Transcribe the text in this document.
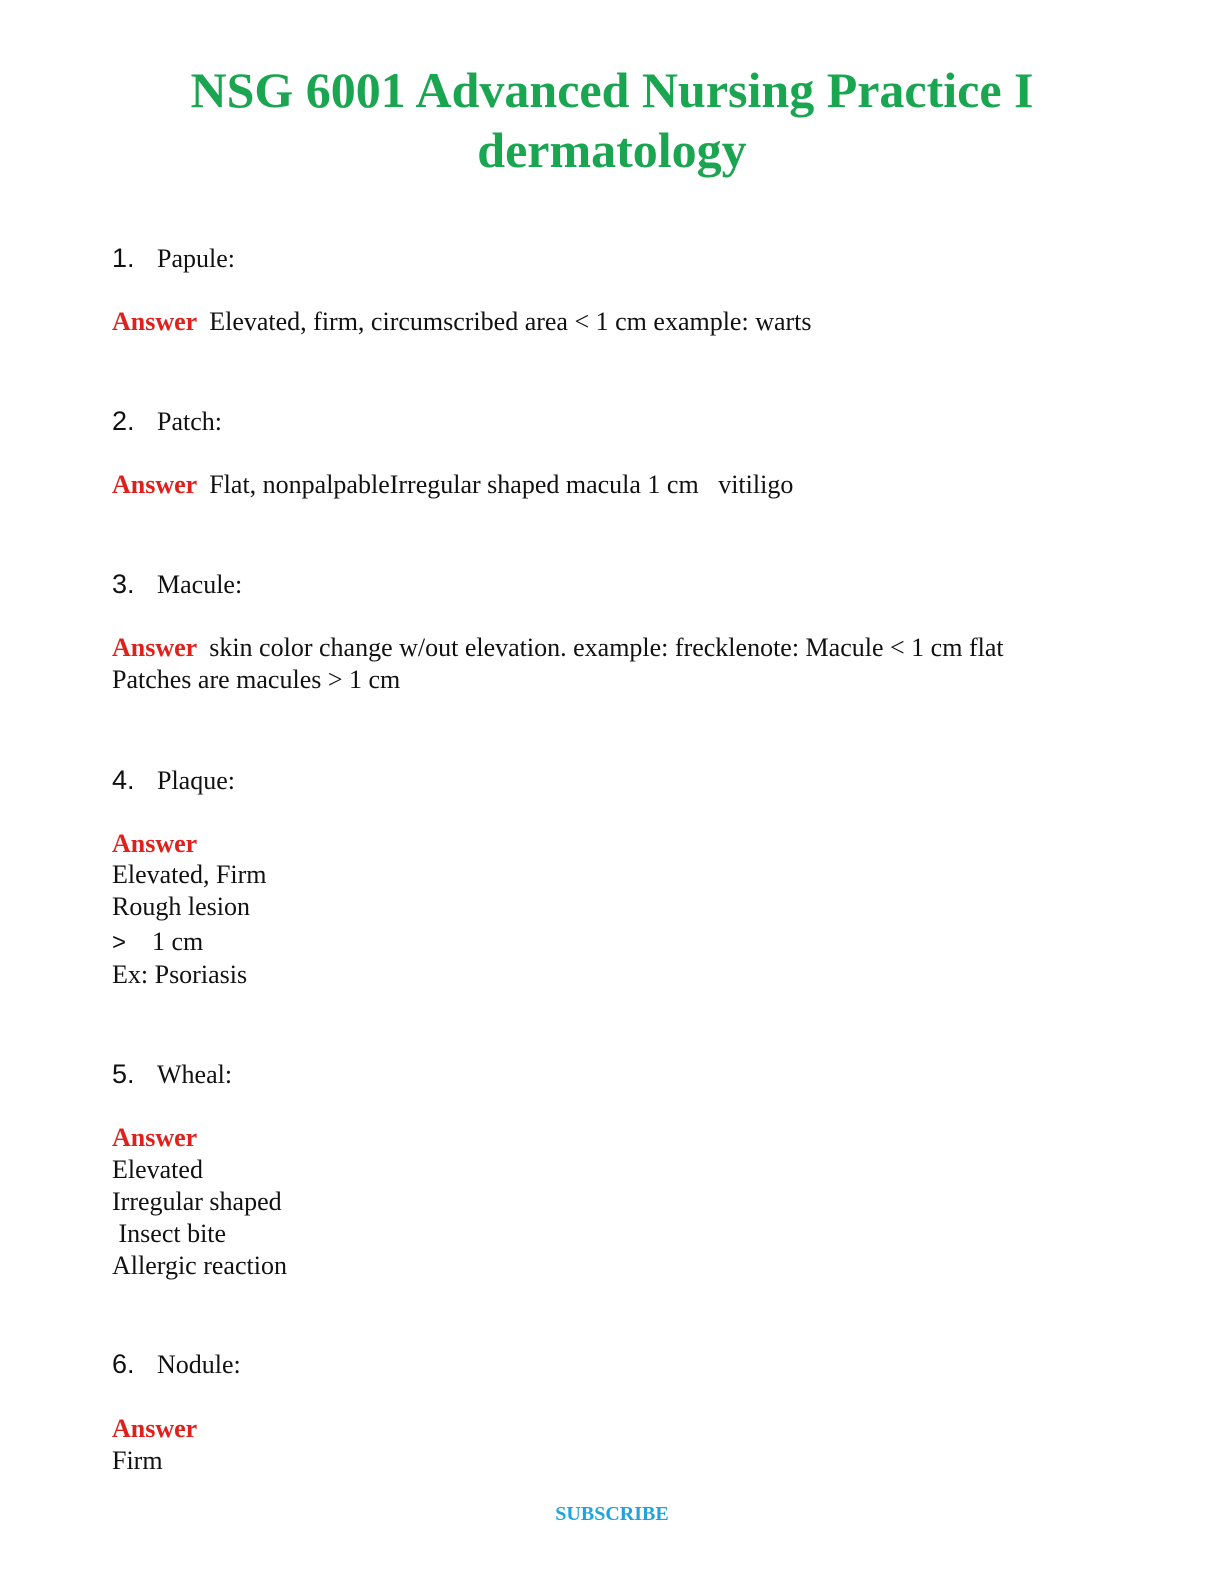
NSG 6001 Advanced Nursing Practice I
dermatology
1. Papule:
Answer Elevated, firm, circumscribed area < 1 cm example: warts
2. Patch:
Answer Flat, nonpalpableIrregular shaped macula 1 cm   vitiligo
3. Macule:
Answer skin color change w/out elevation. example: frecklenote: Macule < 1 cm flat
Patches are macules > 1 cm
4. Plaque:
Answer
Elevated, Firm
Rough lesion
> 1 cm
Ex: Psoriasis
5. Wheal:
Answer
Elevated
Irregular shaped
Insect bite
Allergic reaction
6. Nodule:
Answer
Firm
SUBSCRIBE
